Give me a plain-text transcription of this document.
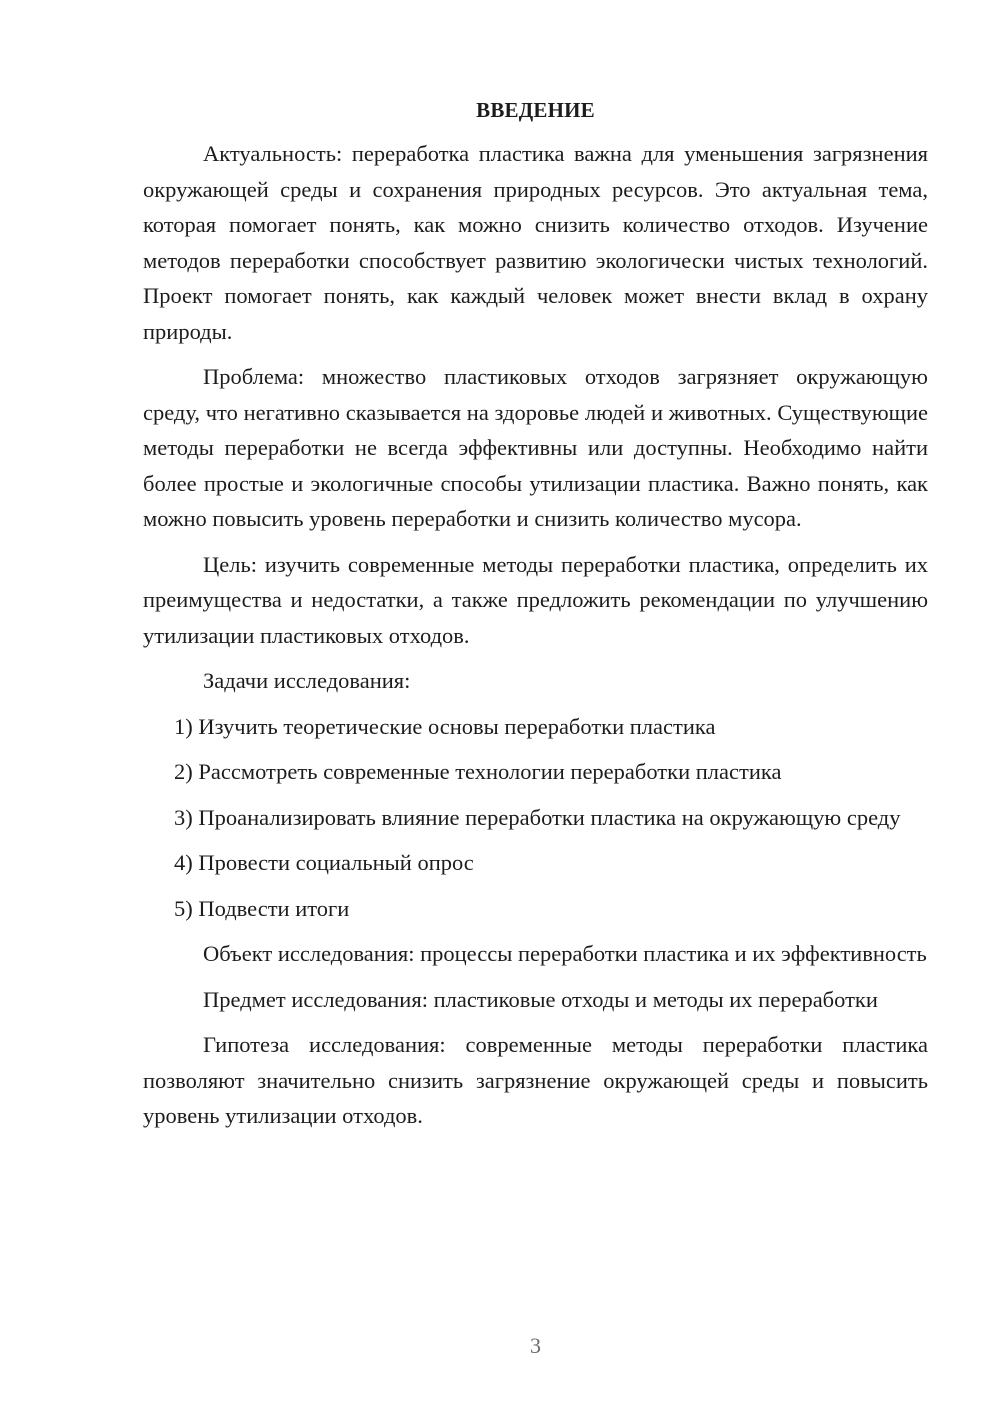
ВВЕДЕНИЕ

Актуальность: переработка пластика важна для уменьшения загрязнения окружающей среды и сохранения природных ресурсов. Это актуальная тема, которая помогает понять, как можно снизить количество отходов. Изучение методов переработки способствует развитию экологически чистых технологий. Проект помогает понять, как каждый человек может внести вклад в охрану природы.

Проблема: множество пластиковых отходов загрязняет окружающую среду, что негативно сказывается на здоровье людей и животных. Существующие методы переработки не всегда эффективны или доступны. Необходимо найти более простые и экологичные способы утилизации пластика. Важно понять, как можно повысить уровень переработки и снизить количество мусора.

Цель: изучить современные методы переработки пластика, определить их преимущества и недостатки, а также предложить рекомендации по улучшению утилизации пластиковых отходов.

Задачи исследования:

1) Изучить теоретические основы переработки пластика

2) Рассмотреть современные технологии переработки пластика

3) Проанализировать влияние переработки пластика на окружающую среду

4) Провести социальный опрос

5) Подвести итоги

Объект исследования: процессы переработки пластика и их эффективность

Предмет исследования: пластиковые отходы и методы их переработки

Гипотеза исследования: современные методы переработки пластика позволяют значительно снизить загрязнение окружающей среды и повысить уровень утилизации отходов.

3
